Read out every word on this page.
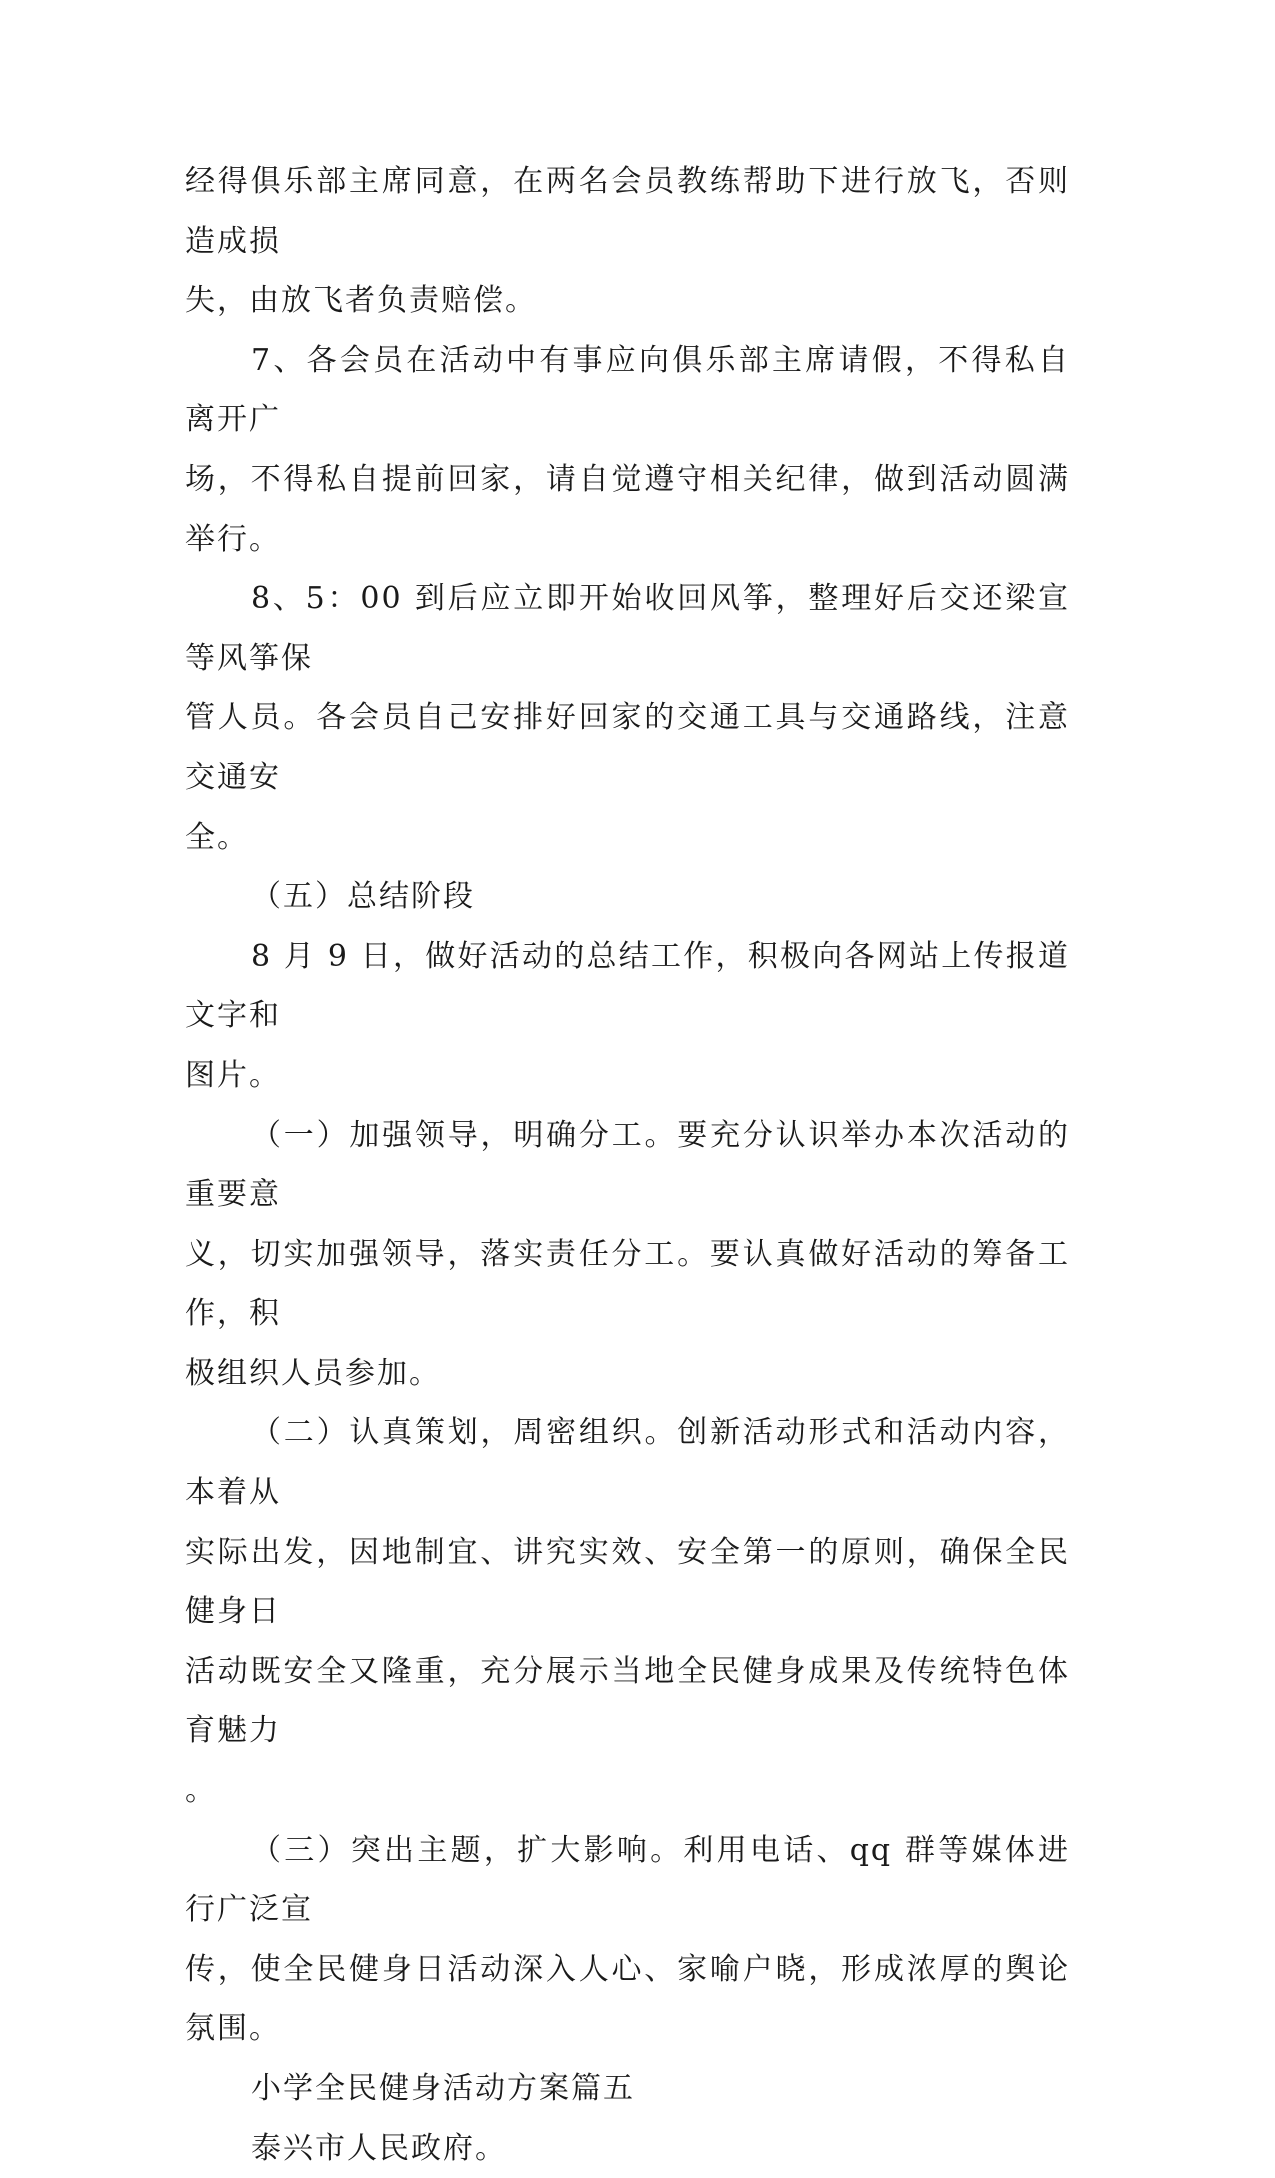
经得俱乐部主席同意，在两名会员教练帮助下进行放飞，否则造成损

失，由放飞者负责赔偿。

7、各会员在活动中有事应向俱乐部主席请假，不得私自离开广

场，不得私自提前回家，请自觉遵守相关纪律，做到活动圆满举行。

8、5：00 到后应立即开始收回风筝，整理好后交还梁宣等风筝保

管人员。各会员自己安排好回家的交通工具与交通路线，注意交通安

全。

（五）总结阶段

8 月 9 日，做好活动的总结工作，积极向各网站上传报道文字和

图片。

（一）加强领导，明确分工。要充分认识举办本次活动的重要意

义，切实加强领导，落实责任分工。要认真做好活动的筹备工作，积

极组织人员参加。

（二）认真策划，周密组织。创新活动形式和活动内容，本着从

实际出发，因地制宜、讲究实效、安全第一的原则，确保全民健身日

活动既安全又隆重，充分展示当地全民健身成果及传统特色体育魅力

。

（三）突出主题，扩大影响。利用电话、qq 群等媒体进行广泛宣

传，使全民健身日活动深入人心、家喻户晓，形成浓厚的舆论氛围。

小学全民健身活动方案篇五

泰兴市人民政府。
